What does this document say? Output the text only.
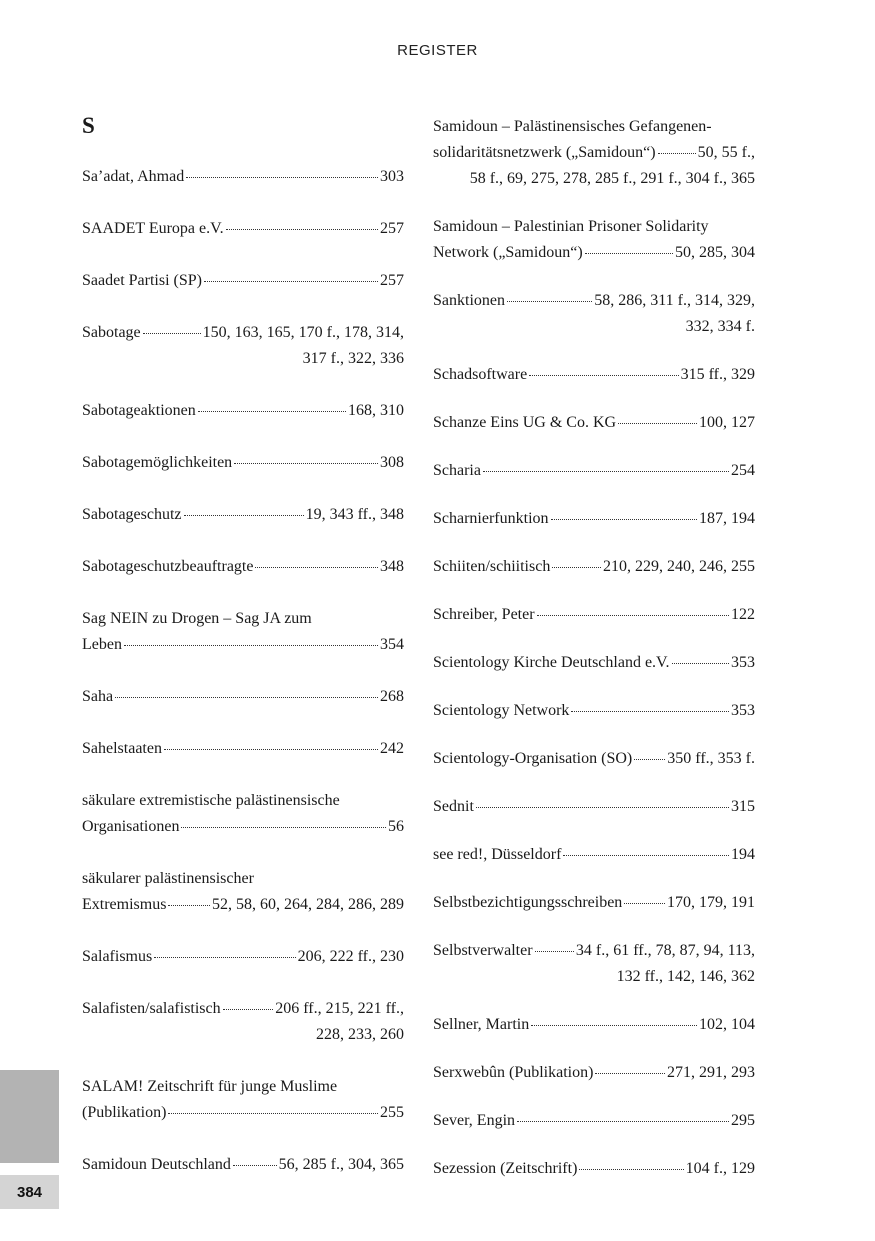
REGISTER
S
Sa’adat, Ahmad	303
SAADET Europa e.V.	257
Saadet Partisi (SP)	257
Sabotage	150, 163, 165, 170 f., 178, 314,
317 f., 322, 336
Sabotageaktionen	168, 310
Sabotagemöglichkeiten	308
Sabotageschutz	19, 343 ff., 348
Sabotageschutzbeauftragte	348
Sag NEIN zu Drogen – Sag JA zum
Leben	354
Saha	268
Sahelstaaten	242
säkulare extremistische palästinensische
Organisationen	56
säkularer palästinensischer
Extremismus	52, 58, 60, 264, 284, 286, 289
Salafismus	206, 222 ff., 230
Salafisten/salafistisch	206 ff., 215, 221 ff.,
228, 233, 260
SALAM! Zeitschrift für junge Muslime
(Publikation)	255
Samidoun Deutschland	56, 285 f., 304, 365
Samidoun – Palästinensisches Gefangenen-
solidaritätsnetzwerk („Samidoun“)	50, 55 f.,
58 f., 69, 275, 278, 285 f., 291 f., 304 f., 365
Samidoun – Palestinian Prisoner Solidarity
Network („Samidoun“)	50, 285, 304
Sanktionen	58, 286, 311 f., 314, 329,
332, 334 f.
Schadsoftware	315 ff., 329
Schanze Eins UG & Co. KG	100, 127
Scharia	254
Scharnierfunktion	187, 194
Schiiten/schiitisch	210, 229, 240, 246, 255
Schreiber, Peter	122
Scientology Kirche Deutschland e.V.	353
Scientology Network	353
Scientology-Organisation (SO) 350 ff., 353 f.
Sednit	315
see red!, Düsseldorf	194
Selbstbezichtigungsschreiben	170, 179, 191
Selbstverwalter	34 f., 61 ff., 78, 87, 94, 113,
132 ff., 142, 146, 362
Sellner, Martin	102, 104
Serxwebûn (Publikation)	271, 291, 293
Sever, Engin	295
Sezession (Zeitschrift)	104 f., 129
384
